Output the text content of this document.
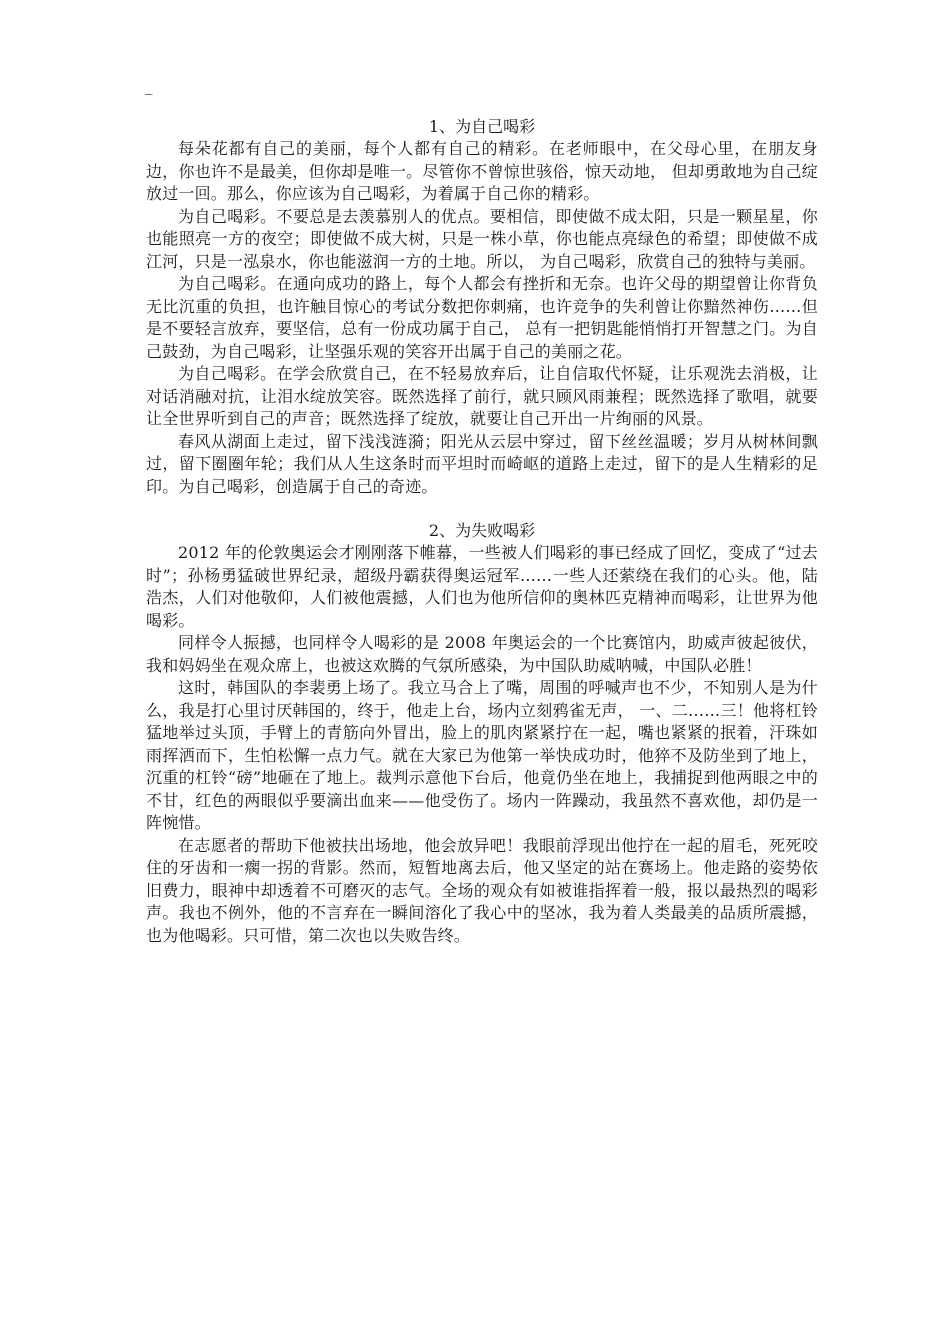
_
1、为自己喝彩

每朵花都有自己的美丽，每个人都有自己的精彩。在老师眼中，在父母心里，在朋友身边，你也许不是最美，但你却是唯一。尽管你不曾惊世骇俗，惊天动地， 但却勇敢地为自己绽放过一回。那么，你应该为自己喝彩，为着属于自己你的精彩。

为自己喝彩。不要总是去羡慕别人的优点。要相信，即使做不成太阳，只是一颗星星，你也能照亮一方的夜空；即使做不成大树，只是一株小草，你也能点亮绿色的希望；即使做不成江河，只是一泓泉水，你也能滋润一方的土地。所以， 为自己喝彩，欣赏自己的独特与美丽。

为自己喝彩。在通向成功的路上，每个人都会有挫折和无奈。也许父母的期望曾让你背负无比沉重的负担，也许触目惊心的考试分数把你刺痛，也许竞争的失利曾让你黯然神伤……但是不要轻言放弃，要坚信，总有一份成功属于自己， 总有一把钥匙能悄悄打开智慧之门。为自己鼓劲，为自己喝彩，让坚强乐观的笑容开出属于自己的美丽之花。

为自己喝彩。在学会欣赏自己，在不轻易放弃后，让自信取代怀疑，让乐观洗去消极，让对话消融对抗，让泪水绽放笑容。既然选择了前行，就只顾风雨兼程；既然选择了歌唱，就要让全世界听到自己的声音；既然选择了绽放，就要让自己开出一片绚丽的风景。

春风从湖面上走过，留下浅浅涟漪；阳光从云层中穿过，留下丝丝温暖；岁月从树林间飘过，留下圈圈年轮；我们从人生这条时而平坦时而崎岖的道路上走过，留下的是人生精彩的足印。为自己喝彩，创造属于自己的奇迹。

2、为失败喝彩

2012 年的伦敦奥运会才刚刚落下帷幕，一些被人们喝彩的事已经成了回忆，变成了“过去时”；孙杨勇猛破世界纪录，超级丹霸获得奥运冠军……一些人还萦绕在我们的心头。他，陆浩杰，人们对他敬仰，人们被他震撼，人们也为他所信仰的奥林匹克精神而喝彩，让世界为他喝彩。

同样令人振撼，也同样令人喝彩的是 2008 年奥运会的一个比赛馆内，助威声彼起彼伏，我和妈妈坐在观众席上，也被这欢腾的气氛所感染，为中国队助威呐喊，中国队必胜！

这时，韩国队的李裴勇上场了。我立马合上了嘴，周围的呼喊声也不少，不知别人是为什么，我是打心里讨厌韩国的，终于，他走上台，场内立刻鸦雀无声， 一、二……三！他将杠铃猛地举过头顶，手臂上的青筋向外冒出，脸上的肌肉紧紧拧在一起，嘴也紧紧的抿着，汗珠如雨挥洒而下，生怕松懈一点力气。就在大家已为他第一举快成功时，他猝不及防坐到了地上，沉重的杠铃“磅”地砸在了地上。裁判示意他下台后，他竟仍坐在地上，我捕捉到他两眼之中的不甘，红色的两眼似乎要滴出血来——他受伤了。场内一阵躁动，我虽然不喜欢他，却仍是一阵惋惜。

在志愿者的帮助下他被扶出场地，他会放异吧！我眼前浮现出他拧在一起的眉毛，死死咬住的牙齿和一瘸一拐的背影。然而，短暂地离去后，他又坚定的站在赛场上。他走路的姿势依旧费力，眼神中却透着不可磨灭的志气。全场的观众有如被谁指挥着一般，报以最热烈的喝彩声。我也不例外，他的不言弃在一瞬间溶化了我心中的坚冰，我为着人类最美的品质所震撼，也为他喝彩。只可惜，第二次也以失败告终。
